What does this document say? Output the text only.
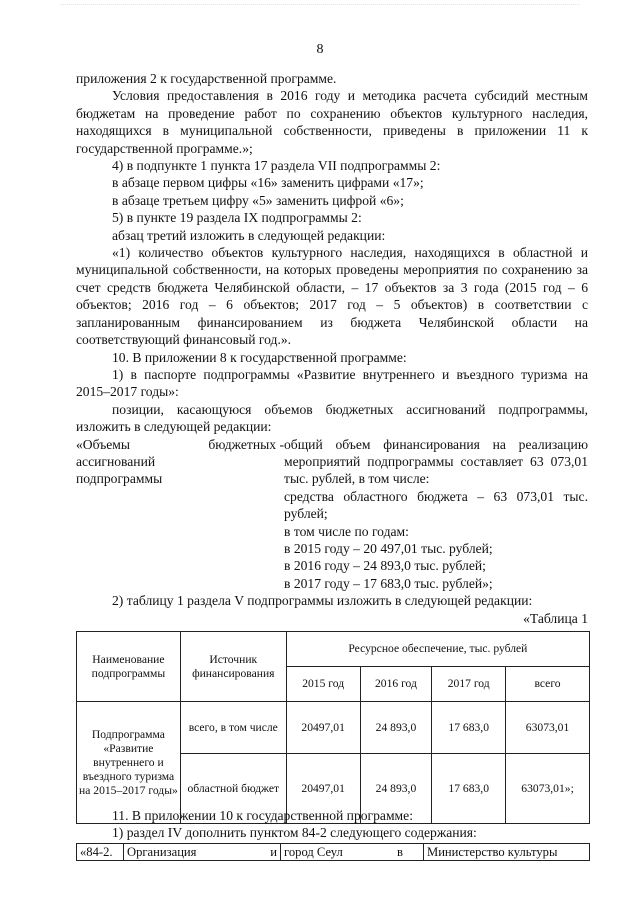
8

приложения 2 к государственной программе.

Условия предоставления в 2016 году и методика расчета субсидий местным бюджетам на проведение работ по сохранению объектов культурного наследия, находящихся в муниципальной собственности, приведены в приложении 11 к государственной программе.»;

4) в подпункте 1 пункта 17 раздела VII подпрограммы 2:

в абзаце первом цифры «16» заменить цифрами «17»;

в абзаце третьем цифру «5» заменить цифрой «6»;

5) в пункте 19 раздела IX подпрограммы 2:

абзац третий изложить в следующей редакции:

«1) количество объектов культурного наследия, находящихся в областной и муниципальной собственности, на которых проведены мероприятия по сохранению за счет средств бюджета Челябинской области, – 17 объектов за 3 года (2015 год – 6 объектов; 2016 год – 6 объектов; 2017 год – 5 объектов) в соответствии с запланированным финансированием из бюджета Челябинской области на соответствующий финансовый год.».

10. В приложении 8 к государственной программе:

1) в паспорте подпрограммы «Развитие внутреннего и въездного туризма на 2015–2017 годы»:

позиции, касающуюся объемов бюджетных ассигнований подпрограммы, изложить в следующей редакции:

«Объемы	бюджетных -
ассигнований
подпрограммы

общий объем финансирования на реализацию мероприятий подпрограммы составляет 63 073,01 тыс. рублей, в том числе:

средства областного бюджета – 63 073,01 тыс. рублей;

в том числе по годам:

в 2015 году – 20 497,01 тыс. рублей;

в 2016 году – 24 893,0 тыс. рублей;

в 2017 году – 17 683,0 тыс. рублей»;

2) таблицу 1 раздела V подпрограммы изложить в следующей редакции:

«Таблица 1

Наименование подпрограммы	Источник финансирования	Ресурсное обеспечение, тыс. рублей			
		2015 год	2016 год	2017 год	всего
Подпрограмма «Развитие внутреннего и въездного туризма на 2015–2017 годы»	всего, в том числе	20497,01	24 893,0	17 683,0	63073,01
	областной бюджет	20497,01	24 893,0	17 683,0	63073,01»;

11. В приложении 10 к государственной программе:

1) раздел IV дополнить пунктом 84-2 следующего содержания:

«84-2.	Организация	и	город Сеул	в	Министерство культуры
